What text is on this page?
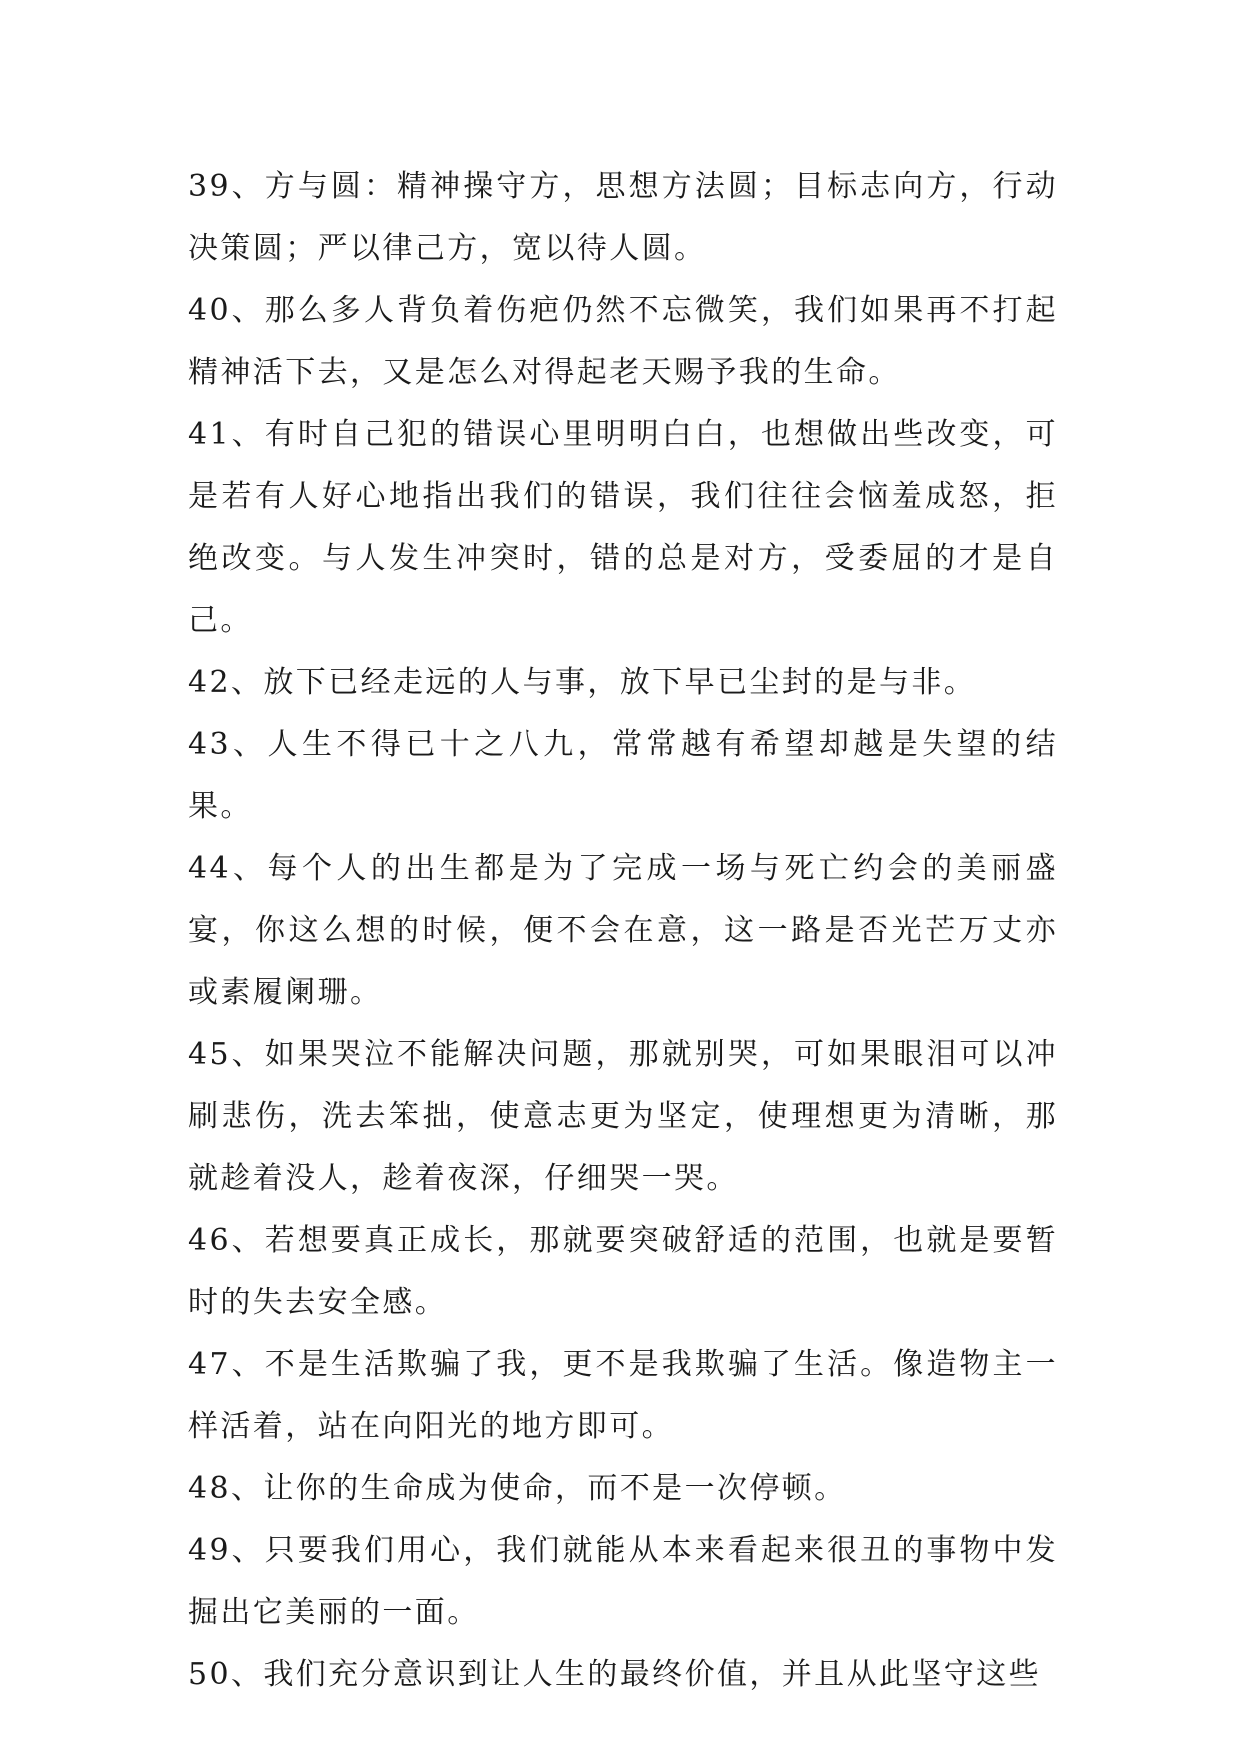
39、方与圆：精神操守方，思想方法圆；目标志向方，行动决策圆；严以律己方，宽以待人圆。

40、那么多人背负着伤疤仍然不忘微笑，我们如果再不打起精神活下去，又是怎么对得起老天赐予我的生命。

41、有时自己犯的错误心里明明白白，也想做出些改变，可是若有人好心地指出我们的错误，我们往往会恼羞成怒，拒绝改变。与人发生冲突时，错的总是对方，受委屈的才是自己。

42、放下已经走远的人与事，放下早已尘封的是与非。

43、人生不得已十之八九，常常越有希望却越是失望的结果。

44、每个人的出生都是为了完成一场与死亡约会的美丽盛宴，你这么想的时候，便不会在意，这一路是否光芒万丈亦或素履阑珊。

45、如果哭泣不能解决问题，那就别哭，可如果眼泪可以冲刷悲伤，洗去笨拙，使意志更为坚定，使理想更为清晰，那就趁着没人，趁着夜深，仔细哭一哭。

46、若想要真正成长，那就要突破舒适的范围，也就是要暂时的失去安全感。

47、不是生活欺骗了我，更不是我欺骗了生活。像造物主一样活着，站在向阳光的地方即可。

48、让你的生命成为使命，而不是一次停顿。

49、只要我们用心，我们就能从本来看起来很丑的事物中发掘出它美丽的一面。

50、我们充分意识到让人生的最终价值，并且从此坚守这些
